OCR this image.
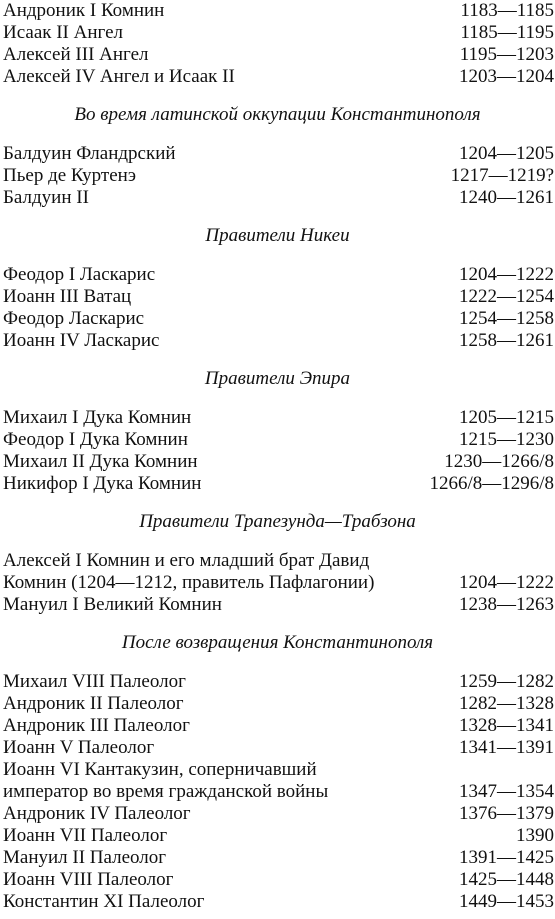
Андроник I Комнин	1183—1185
Исаак II Ангел	1185—1195
Алексей III Ангел	1195—1203
Алексей IV Ангел и Исаак II	1203—1204
Во время латинской оккупации Константинополя
Балдуин Фландрский	1204—1205
Пьер де Куртенэ	1217—1219?
Балдуин II	1240—1261
Правители Никеи
Феодор I Ласкарис	1204—1222
Иоанн III Ватац	1222—1254
Феодор Ласкарис	1254—1258
Иоанн IV Ласкарис	1258—1261
Правители Эпира
Михаил I Дука Комнин	1205—1215
Феодор I Дука Комнин	1215—1230
Михаил II Дука Комнин	1230—1266/8
Никифор I Дука Комнин	1266/8—1296/8
Правители Трапезунда—Трабзона
Алексей I Комнин и его младший брат Давид
Комнин (1204—1212, правитель Пафлагонии)	1204—1222
Мануил I Великий Комнин	1238—1263
После возвращения Константинополя
Михаил VIII Палеолог	1259—1282
Андроник II Палеолог	1282—1328
Андроник III Палеолог	1328—1341
Иоанн V Палеолог	1341—1391
Иоанн VI Кантакузин, соперничавший
император во время гражданской войны	1347—1354
Андроник IV Палеолог	1376—1379
Иоанн VII Палеолог	1390
Мануил II Палеолог	1391—1425
Иоанн VIII Палеолог	1425—1448
Константин XI Палеолог	1449—1453
